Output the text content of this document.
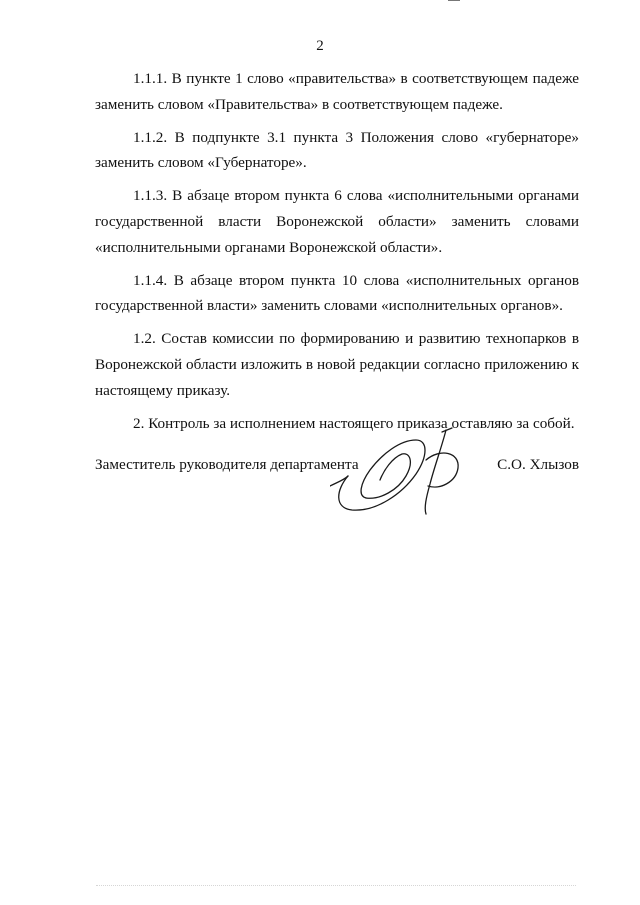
2

1.1.1. В пункте 1 слово «правительства» в соответствующем падеже заменить словом «Правительства» в соответствующем падеже.

1.1.2. В подпункте 3.1 пункта 3 Положения слово «губернаторе» заменить словом «Губернаторе».

1.1.3. В абзаце втором пункта 6 слова «исполнительными органами государственной власти Воронежской области» заменить словами «исполнительными органами Воронежской области».

1.1.4. В абзаце втором пункта 10 слова «исполнительных органов государственной власти» заменить словами «исполнительных органов».

1.2. Состав комиссии по формированию и развитию технопарков в Воронежской области изложить в новой редакции согласно приложению к настоящему приказу.

2. Контроль за исполнением настоящего приказа оставляю за собой.

Заместитель руководителя департамента	С.О. Хлызов
